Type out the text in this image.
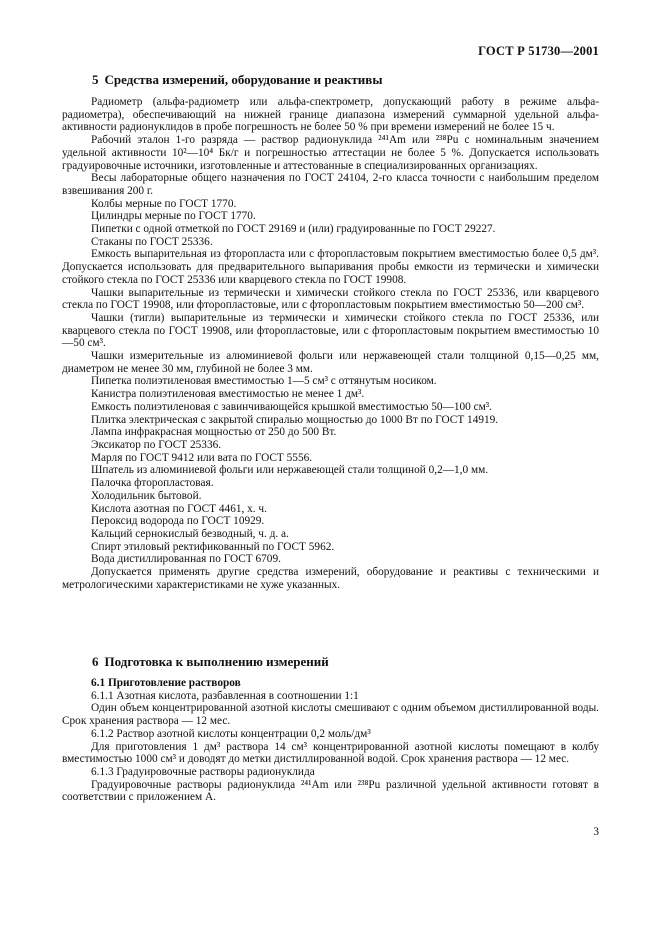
ГОСТ Р 51730—2001
5 Средства измерений, оборудование и реактивы

Радиометр (альфа-радиометр или альфа-спектрометр, допускающий работу в режиме альфа-радиометра), обеспечивающий на нижней границе диапазона измерений суммарной удельной альфа-активности радионуклидов в пробе погрешность не более 50 % при времени измерений не более 15 ч.

Рабочий эталон 1-го разряда — раствор радионуклида ²⁴¹Am или ²³⁸Pu с номинальным значением удельной активности 10²—10⁴ Бк/г и погрешностью аттестации не более 5 %. Допускается использовать градуировочные источники, изготовленные и аттестованные в специализированных организациях.

Весы лабораторные общего назначения по ГОСТ 24104, 2-го класса точности с наибольшим пределом взвешивания 200 г.

Колбы мерные по ГОСТ 1770.

Цилиндры мерные по ГОСТ 1770.

Пипетки с одной отметкой по ГОСТ 29169 и (или) градуированные по ГОСТ 29227.

Стаканы по ГОСТ 25336.

Емкость выпарительная из фторопласта или с фторопластовым покрытием вместимостью более 0,5 дм³. Допускается использовать для предварительного выпаривания пробы емкости из термически и химически стойкого стекла по ГОСТ 25336 или кварцевого стекла по ГОСТ 19908.

Чашки выпарительные из термически и химически стойкого стекла по ГОСТ 25336, или кварцевого стекла по ГОСТ 19908, или фторопластовые, или с фторопластовым покрытием вместимостью 50—200 см³.

Чашки (тигли) выпарительные из термически и химически стойкого стекла по ГОСТ 25336, или кварцевого стекла по ГОСТ 19908, или фторопластовые, или с фторопластовым покрытием вместимостью 10—50 см³.

Чашки измерительные из алюминиевой фольги или нержавеющей стали толщиной 0,15—0,25 мм, диаметром не менее 30 мм, глубиной не более 3 мм.

Пипетка полиэтиленовая вместимостью 1—5 см³ с оттянутым носиком.

Канистра полиэтиленовая вместимостью не менее 1 дм³.

Емкость полиэтиленовая с завинчивающейся крышкой вместимостью 50—100 см³.

Плитка электрическая с закрытой спиралью мощностью до 1000 Вт по ГОСТ 14919.

Лампа инфракрасная мощностью от 250 до 500 Вт.

Эксикатор по ГОСТ 25336.

Марля по ГОСТ 9412 или вата по ГОСТ 5556.

Шпатель из алюминиевой фольги или нержавеющей стали толщиной 0,2—1,0 мм.

Палочка фторопластовая.

Холодильник бытовой.

Кислота азотная по ГОСТ 4461, х. ч.

Пероксид водорода по ГОСТ 10929.

Кальций сернокислый безводный, ч. д. а.

Спирт этиловый ректификованный по ГОСТ 5962.

Вода дистиллированная по ГОСТ 6709.

Допускается применять другие средства измерений, оборудование и реактивы с техническими и метрологическими характеристиками не хуже указанных.

6 Подготовка к выполнению измерений

6.1 Приготовление растворов

6.1.1 Азотная кислота, разбавленная в соотношении 1:1

Один объем концентрированной азотной кислоты смешивают с одним объемом дистиллированной воды. Срок хранения раствора — 12 мес.

6.1.2 Раствор азотной кислоты концентрации 0,2 моль/дм³

Для приготовления 1 дм³ раствора 14 см³ концентрированной азотной кислоты помещают в колбу вместимостью 1000 см³ и доводят до метки дистиллированной водой. Срок хранения раствора — 12 мес.

6.1.3 Градуировочные растворы радионуклида

Градуировочные растворы радионуклида ²⁴¹Am или ²³⁸Pu различной удельной активности готовят в соответствии с приложением А.

3
